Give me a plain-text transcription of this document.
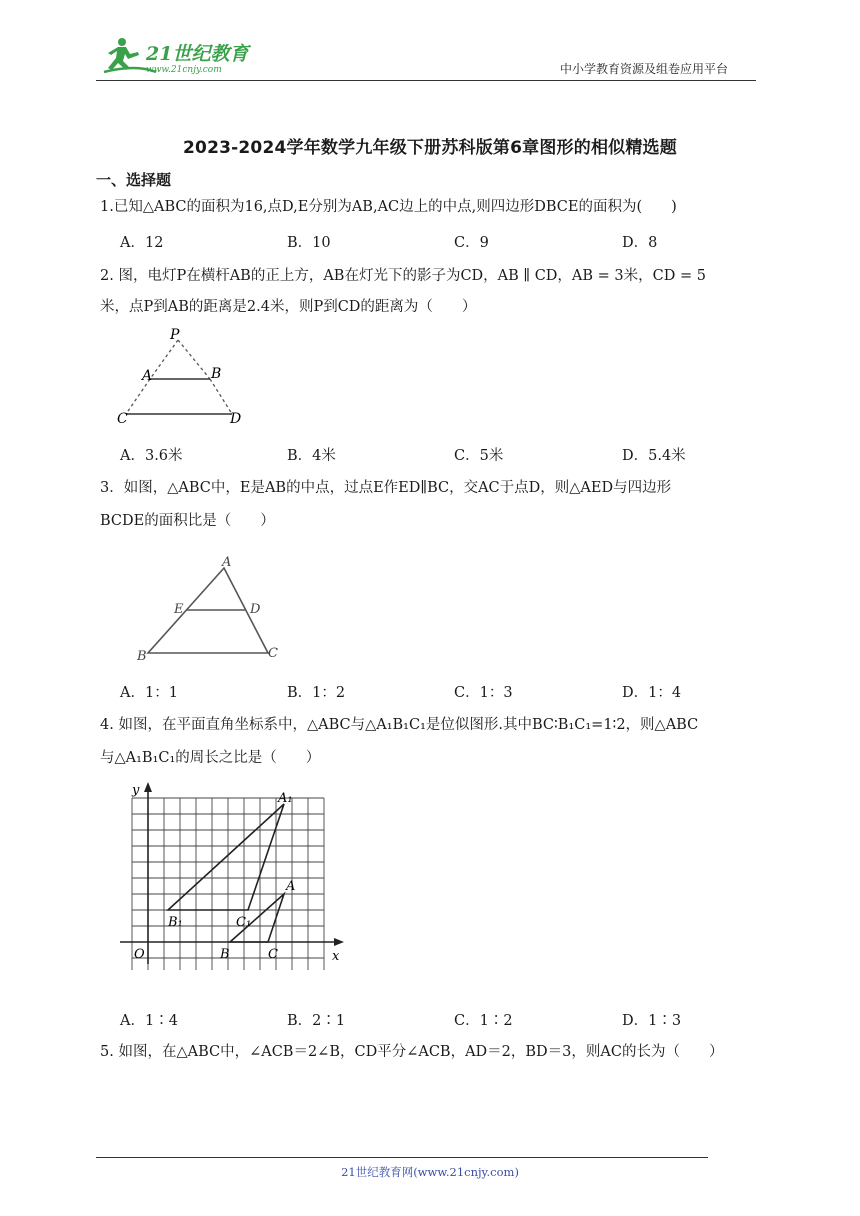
21世纪教育
www.21cnjy.com	中小学教育资源及组卷应用平台
2023-2024学年数学九年级下册苏科版第6章图形的相似精选题
一、选择题
1.已知△ABC的面积为16,点D,E分别为AB,AC边上的中点,则四边形DBCE的面积为(　　)
A．12	B．10	C．9	D．8
2. 图，电灯P在横杆AB的正上方，AB在灯光下的影子为CD，AB ∥ CD，AB = 3米，CD = 5
米，点P到AB的距离是2.4米，则P到CD的距离为（　　）
P
A	B
C	D
A．3.6米	B．4米	C．5米	D．5.4米
3．如图，△ABC中，E是AB的中点，过点E作ED∥BC，交AC于点D，则△AED与四边形
BCDE的面积比是（　　）
A
E	D
B	C
A．1：1	B．1：2	C．1：3	D．1：4
4. 如图，在平面直角坐标系中，△ABC与△A₁B₁C₁是位似图形.其中BC∶B₁C₁=1∶2，则△ABC
与△A₁B₁C₁的周长之比是（　　）
y
A₁
A
B₁	C₁
O	B	C	x
A．1∶4	B．2∶1	C．1∶2	D．1∶3
5. 如图，在△ABC中，∠ACB＝2∠B，CD平分∠ACB，AD＝2，BD＝3，则AC的长为（　　）
21世纪教育网(www.21cnjy.com)
